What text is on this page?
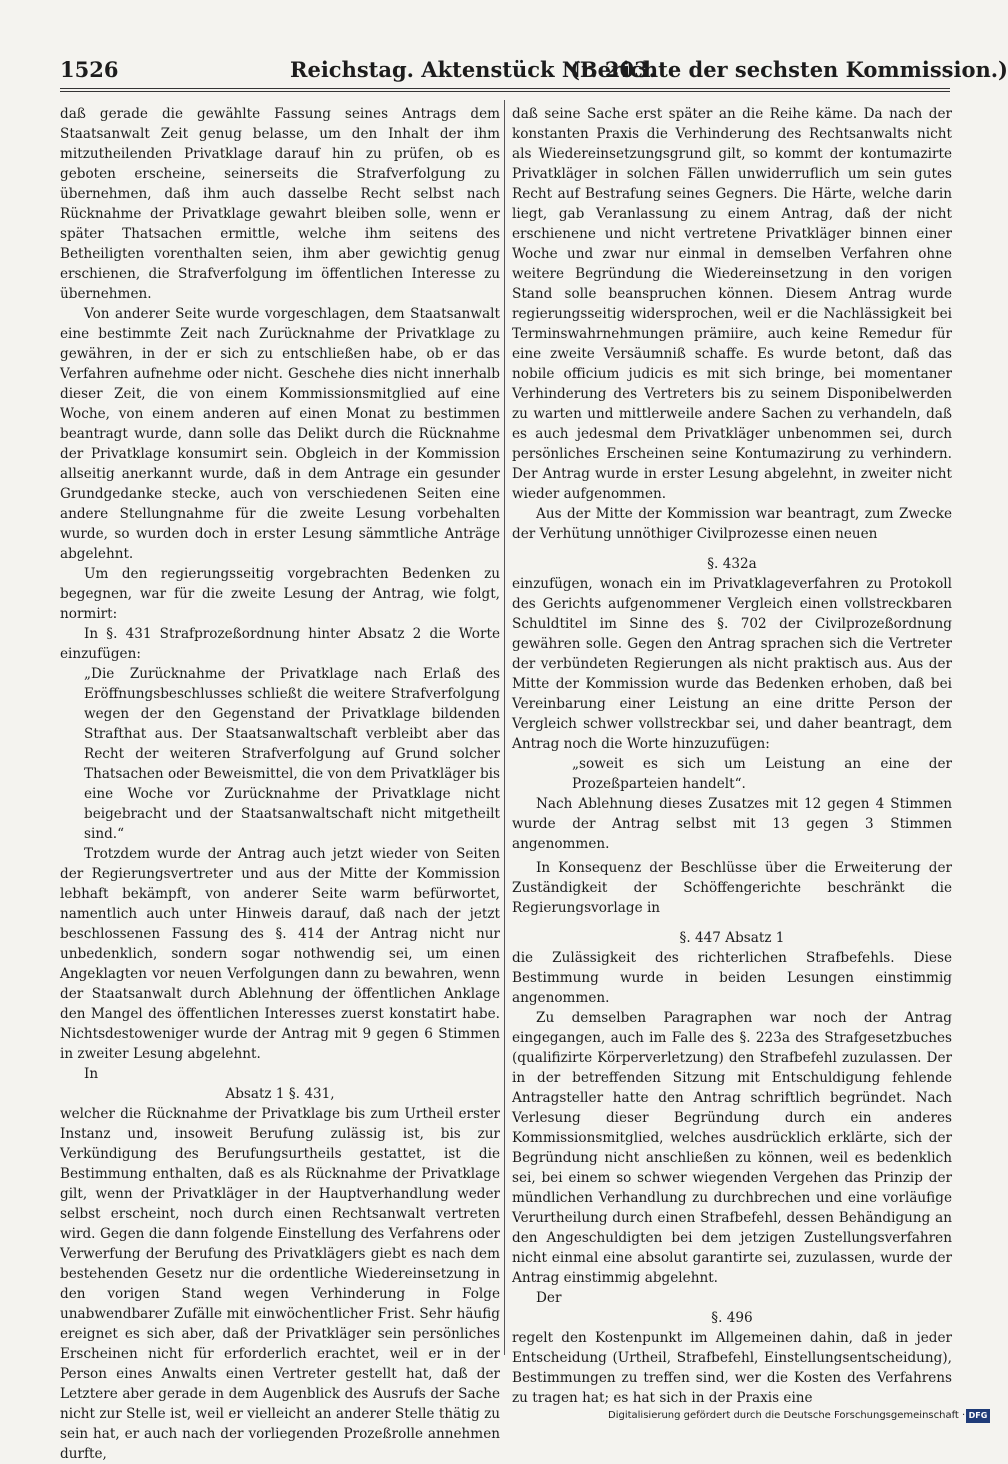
1526	Reichstag. Aktenstück Nr. 203.
(Berichte der sechsten Kommission.)

daß gerade die gewählte Fassung seines Antrags dem Staatsanwalt Zeit genug belasse, um den Inhalt der ihm mitzutheilenden Privatklage darauf hin zu prüfen, ob es geboten erscheine, seinerseits die Strafverfolgung zu übernehmen, daß ihm auch dasselbe Recht selbst nach Rücknahme der Privatklage gewahrt bleiben solle, wenn er später Thatsachen ermittle, welche ihm seitens des Betheiligten vorenthalten seien, ihm aber gewichtig genug erschienen, die Strafverfolgung im öffentlichen Interesse zu übernehmen.

Von anderer Seite wurde vorgeschlagen, dem Staatsanwalt eine bestimmte Zeit nach Zurücknahme der Privatklage zu gewähren, in der er sich zu entschließen habe, ob er das Verfahren aufnehme oder nicht. Geschehe dies nicht innerhalb dieser Zeit, die von einem Kommissionsmitglied auf eine Woche, von einem anderen auf einen Monat zu bestimmen beantragt wurde, dann solle das Delikt durch die Rücknahme der Privatklage konsumirt sein. Obgleich in der Kommission allseitig anerkannt wurde, daß in dem Antrage ein gesunder Grundgedanke stecke, auch von verschiedenen Seiten eine andere Stellungnahme für die zweite Lesung vorbehalten wurde, so wurden doch in erster Lesung sämmtliche Anträge abgelehnt.

Um den regierungsseitig vorgebrachten Bedenken zu begegnen, war für die zweite Lesung der Antrag, wie folgt, normirt:

In §. 431 Strafprozeßordnung hinter Absatz 2 die Worte einzufügen:

„Die Zurücknahme der Privatklage nach Erlaß des Eröffnungsbeschlusses schließt die weitere Strafverfolgung wegen der den Gegenstand der Privatklage bildenden Strafthat aus. Der Staatsanwaltschaft verbleibt aber das Recht der weiteren Strafverfolgung auf Grund solcher Thatsachen oder Beweismittel, die von dem Privatkläger bis eine Woche vor Zurücknahme der Privatklage nicht beigebracht und der Staatsanwaltschaft nicht mitgetheilt sind.“

Trotzdem wurde der Antrag auch jetzt wieder von Seiten der Regierungsvertreter und aus der Mitte der Kommission lebhaft bekämpft, von anderer Seite warm befürwortet, namentlich auch unter Hinweis darauf, daß nach der jetzt beschlossenen Fassung des §. 414 der Antrag nicht nur unbedenklich, sondern sogar nothwendig sei, um einen Angeklagten vor neuen Verfolgungen dann zu bewahren, wenn der Staatsanwalt durch Ablehnung der öffentlichen Anklage den Mangel des öffentlichen Interesses zuerst konstatirt habe. Nichtsdestoweniger wurde der Antrag mit 9 gegen 6 Stimmen in zweiter Lesung abgelehnt.

In

Absatz 1 §. 431,

welcher die Rücknahme der Privatklage bis zum Urtheil erster Instanz und, insoweit Berufung zulässig ist, bis zur Verkündigung des Berufungsurtheils gestattet, ist die Bestimmung enthalten, daß es als Rücknahme der Privatklage gilt, wenn der Privatkläger in der Hauptverhandlung weder selbst erscheint, noch durch einen Rechtsanwalt vertreten wird. Gegen die dann folgende Einstellung des Verfahrens oder Verwerfung der Berufung des Privatklägers giebt es nach dem bestehenden Gesetz nur die ordentliche Wiedereinsetzung in den vorigen Stand wegen Verhinderung in Folge unabwendbarer Zufälle mit einwöchentlicher Frist. Sehr häufig ereignet es sich aber, daß der Privatkläger sein persönliches Erscheinen nicht für erforderlich erachtet, weil er in der Person eines Anwalts einen Vertreter gestellt hat, daß der Letztere aber gerade in dem Augenblick des Ausrufs der Sache nicht zur Stelle ist, weil er vielleicht an anderer Stelle thätig zu sein hat, er auch nach der vorliegenden Prozeßrolle annehmen durfte,

daß seine Sache erst später an die Reihe käme. Da nach der konstanten Praxis die Verhinderung des Rechtsanwalts nicht als Wiedereinsetzungsgrund gilt, so kommt der kontumazirte Privatkläger in solchen Fällen unwiderruflich um sein gutes Recht auf Bestrafung seines Gegners. Die Härte, welche darin liegt, gab Veranlassung zu einem Antrag, daß der nicht erschienene und nicht vertretene Privatkläger binnen einer Woche und zwar nur einmal in demselben Verfahren ohne weitere Begründung die Wiedereinsetzung in den vorigen Stand solle beanspruchen können. Diesem Antrag wurde regierungsseitig widersprochen, weil er die Nachlässigkeit bei Terminswahrnehmungen prämiire, auch keine Remedur für eine zweite Versäumniß schaffe. Es wurde betont, daß das nobile officium judicis es mit sich bringe, bei momentaner Verhinderung des Vertreters bis zu seinem Disponibelwerden zu warten und mittlerweile andere Sachen zu verhandeln, daß es auch jedesmal dem Privatkläger unbenommen sei, durch persönliches Erscheinen seine Kontumazirung zu verhindern. Der Antrag wurde in erster Lesung abgelehnt, in zweiter nicht wieder aufgenommen.

Aus der Mitte der Kommission war beantragt, zum Zwecke der Verhütung unnöthiger Civilprozesse einen neuen

§. 432a

einzufügen, wonach ein im Privatklageverfahren zu Protokoll des Gerichts aufgenommener Vergleich einen vollstreckbaren Schuldtitel im Sinne des §. 702 der Civilprozeßordnung gewähren solle. Gegen den Antrag sprachen sich die Vertreter der verbündeten Regierungen als nicht praktisch aus. Aus der Mitte der Kommission wurde das Bedenken erhoben, daß bei Vereinbarung einer Leistung an eine dritte Person der Vergleich schwer vollstreckbar sei, und daher beantragt, dem Antrag noch die Worte hinzuzufügen:

„soweit es sich um Leistung an eine der Prozeßparteien handelt“.

Nach Ablehnung dieses Zusatzes mit 12 gegen 4 Stimmen wurde der Antrag selbst mit 13 gegen 3 Stimmen angenommen.

In Konsequenz der Beschlüsse über die Erweiterung der Zuständigkeit der Schöffengerichte beschränkt die Regierungsvorlage in

§. 447 Absatz 1

die Zulässigkeit des richterlichen Strafbefehls. Diese Bestimmung wurde in beiden Lesungen einstimmig angenommen.

Zu demselben Paragraphen war noch der Antrag eingegangen, auch im Falle des §. 223a des Strafgesetzbuches (qualifizirte Körperverletzung) den Strafbefehl zuzulassen. Der in der betreffenden Sitzung mit Entschuldigung fehlende Antragsteller hatte den Antrag schriftlich begründet. Nach Verlesung dieser Begründung durch ein anderes Kommissionsmitglied, welches ausdrücklich erklärte, sich der Begründung nicht anschließen zu können, weil es bedenklich sei, bei einem so schwer wiegenden Vergehen das Prinzip der mündlichen Verhandlung zu durchbrechen und eine vorläufige Verurtheilung durch einen Strafbefehl, dessen Behändigung an den Angeschuldigten bei dem jetzigen Zustellungsverfahren nicht einmal eine absolut garantirte sei, zuzulassen, wurde der Antrag einstimmig abgelehnt.

Der

§. 496

regelt den Kostenpunkt im Allgemeinen dahin, daß in jeder Entscheidung (Urtheil, Strafbefehl, Einstellungsentscheidung), Bestimmungen zu treffen sind, wer die Kosten des Verfahrens zu tragen hat; es hat sich in der Praxis eine

Digitalisierung gefördert durch die Deutsche Forschungsgemeinschaft · DFG
